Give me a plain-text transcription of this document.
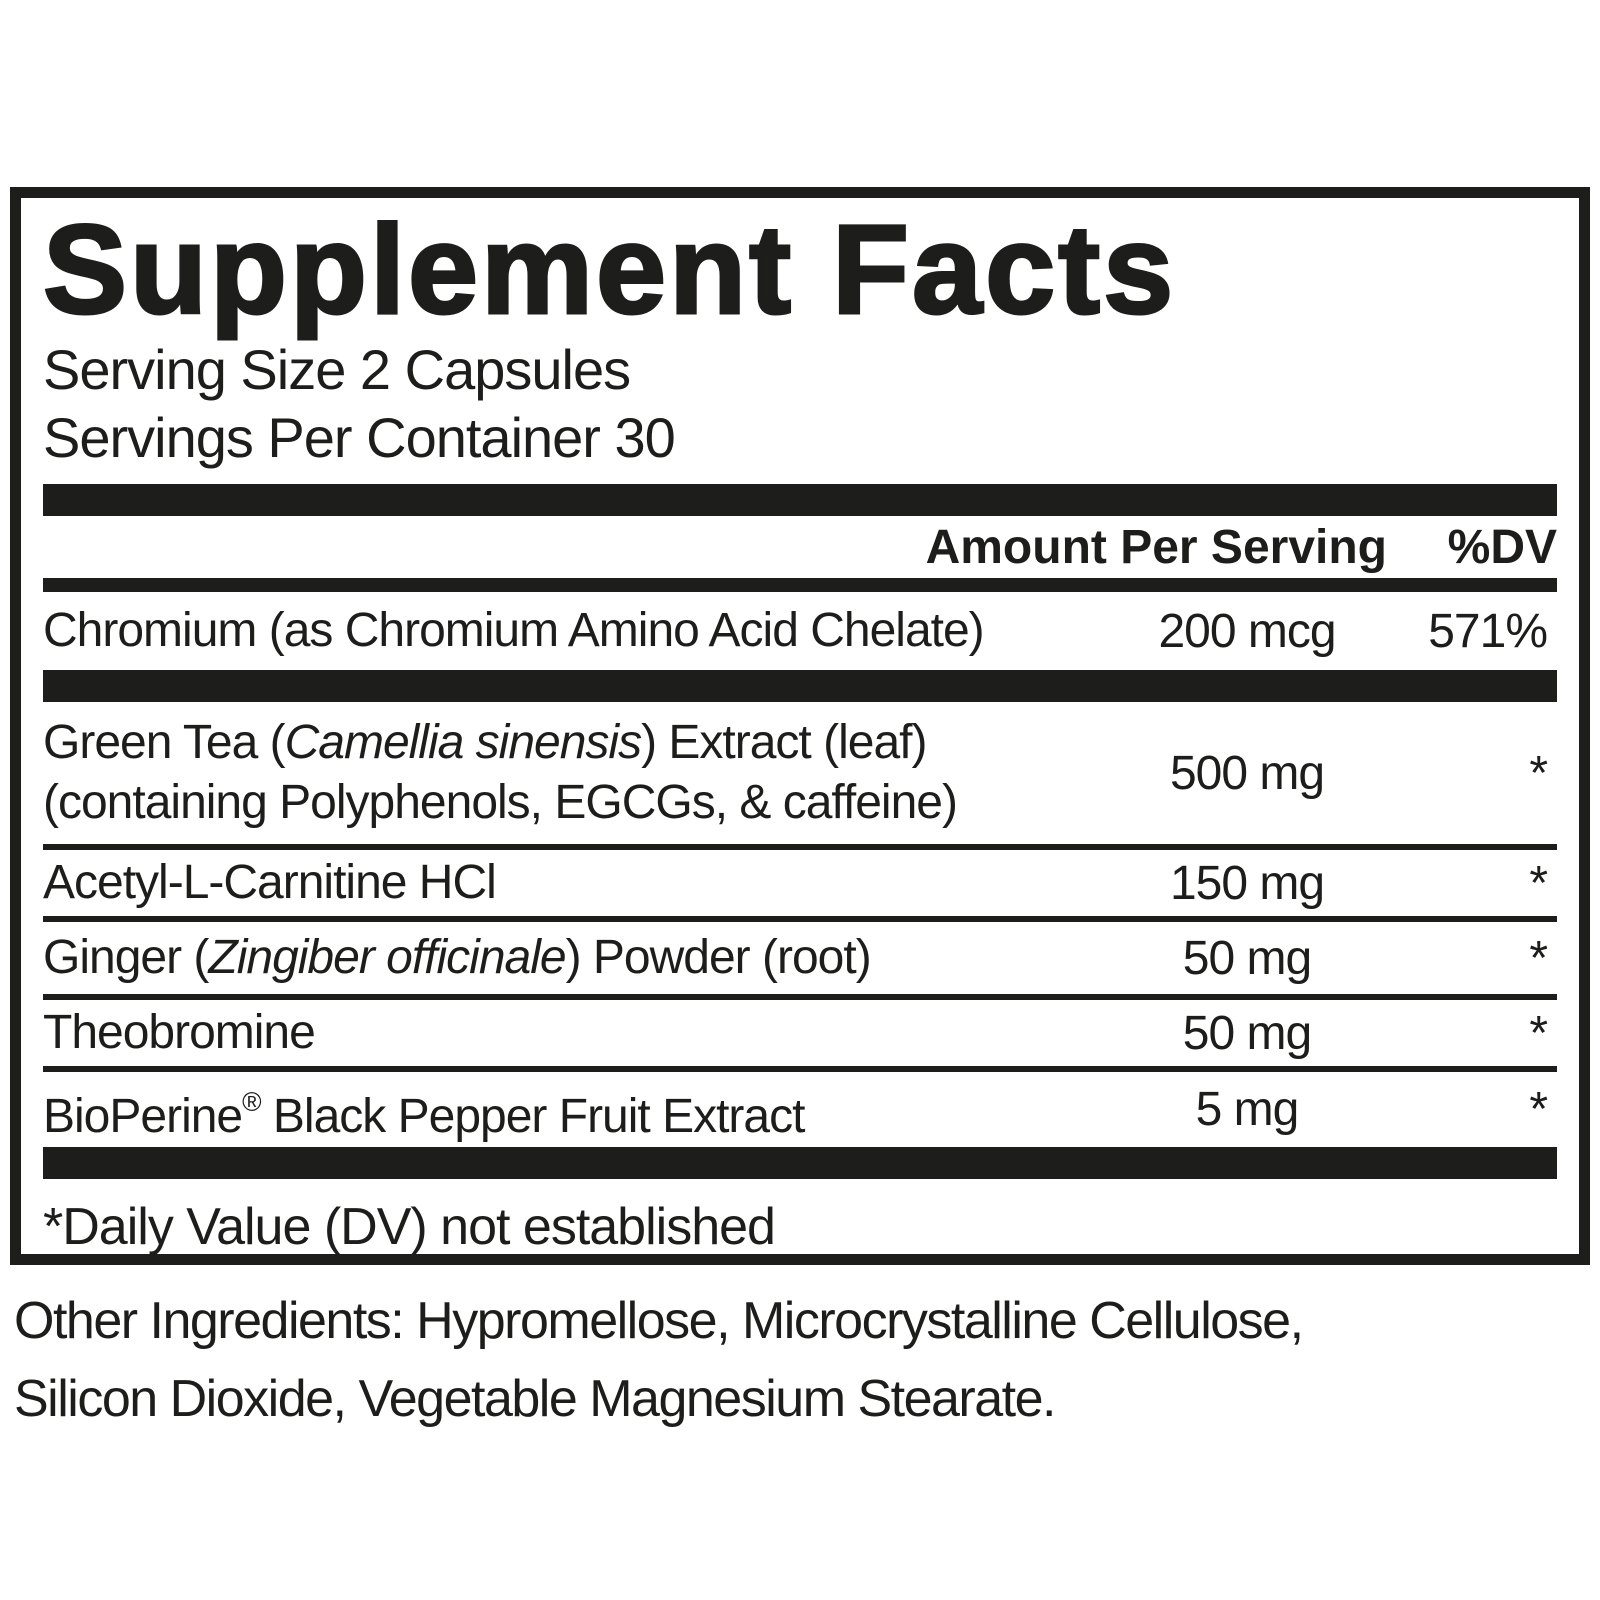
Supplement Facts
Serving Size 2 Capsules
Servings Per Container 30
Amount Per Serving %DV
Chromium (as Chromium Amino Acid Chelate)	200 mcg 571%
Green Tea (Camellia sinensis) Extract (leaf)
(containing Polyphenols, EGCGs, & caffeine)
500 mg	*
Acetyl-L-Carnitine HCl	150 mg	*
Ginger (Zingiber officinale) Powder (root)	50 mg	*
Theobromine	50 mg	*
BioPerine® Black Pepper Fruit Extract	5 mg	*
*Daily Value (DV) not established
Other Ingredients: Hypromellose, Microcrystalline Cellulose,
Silicon Dioxide, Vegetable Magnesium Stearate.
